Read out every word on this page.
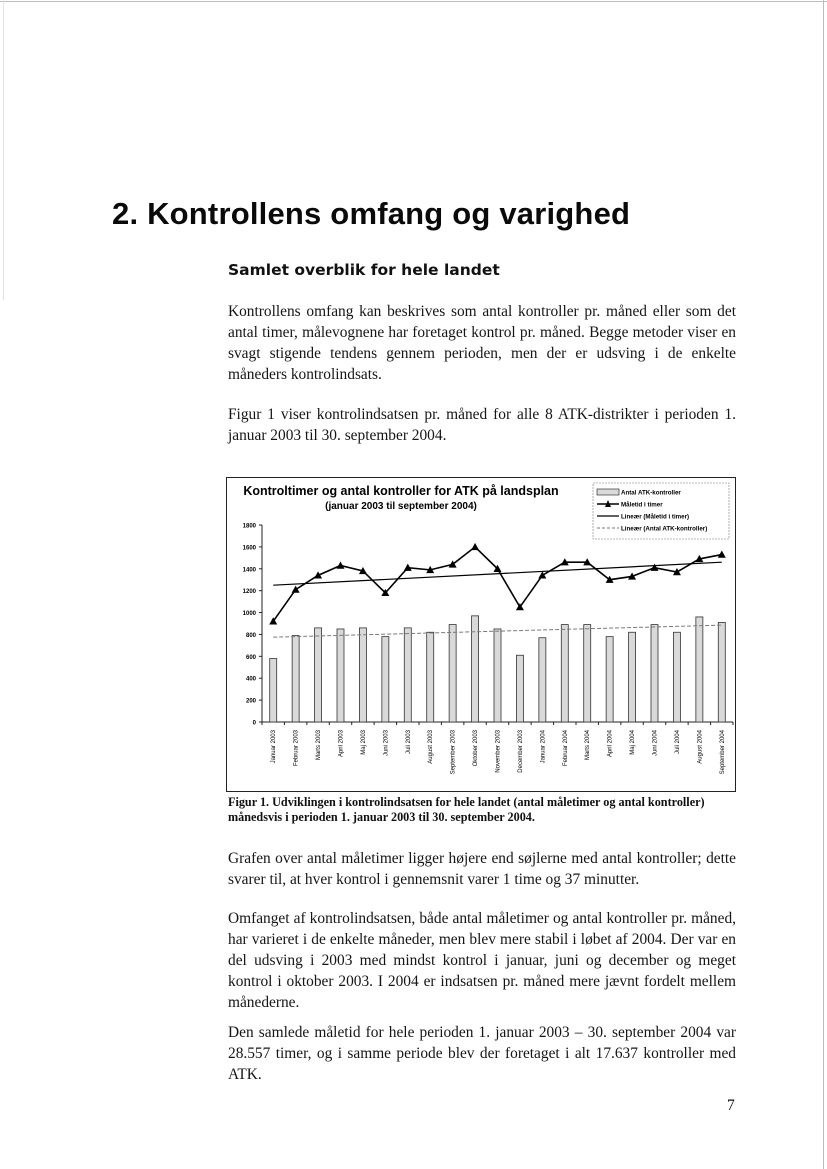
2. Kontrollens omfang og varighed
Samlet overblik for hele landet

Kontrollens omfang kan beskrives som antal kontroller pr. måned eller som det antal timer, målevognene har foretaget kontrol pr. måned. Begge metoder viser en svagt stigende tendens gennem perioden, men der er udsving i de enkelte måneders kontrolindsats.

Figur 1 viser kontrolindsatsen pr. måned for alle 8 ATK-distrikter i perioden 1. januar 2003 til 30. september 2004.

Kontroltimer og antal kontroller for ATK på landsplan
(januar 2003 til september 2004)
0
200
400
600
800
1000
1200
1400
1600
1800
Januar 2003	Februar 2003	Marts 2003	April 2003	Maj 2003	Juni 2003	Juli 2003	August 2003	September 2003	Oktober 2003	November 2003	December 2003	Januar 2004	Februar 2004	Marts 2004	April 2004	Maj 2004	Juni 2004	Juli 2004	August 2004	September 2004
Antal ATK-kontroller
Måletid i timer
Lineær (Måletid i timer)
Lineær (Antal ATK-kontroller)

Figur 1. Udviklingen i kontrolindsatsen for hele landet (antal måletimer og antal kontroller) månedsvis i perioden 1. januar 2003 til 30. september 2004.

Grafen over antal måletimer ligger højere end søjlerne med antal kontroller; dette svarer til, at hver kontrol i gennemsnit varer 1 time og 37 minutter.

Omfanget af kontrolindsatsen, både antal måletimer og antal kontroller pr. måned, har varieret i de enkelte måneder, men blev mere stabil i løbet af 2004. Der var en del udsving i 2003 med mindst kontrol i januar, juni og december og meget kontrol i oktober 2003. I 2004 er indsatsen pr. måned mere jævnt fordelt mellem månederne.

Den samlede måletid for hele perioden 1. januar 2003 – 30. september 2004 var 28.557 timer, og i samme periode blev der foretaget i alt 17.637 kontroller med ATK.

7
